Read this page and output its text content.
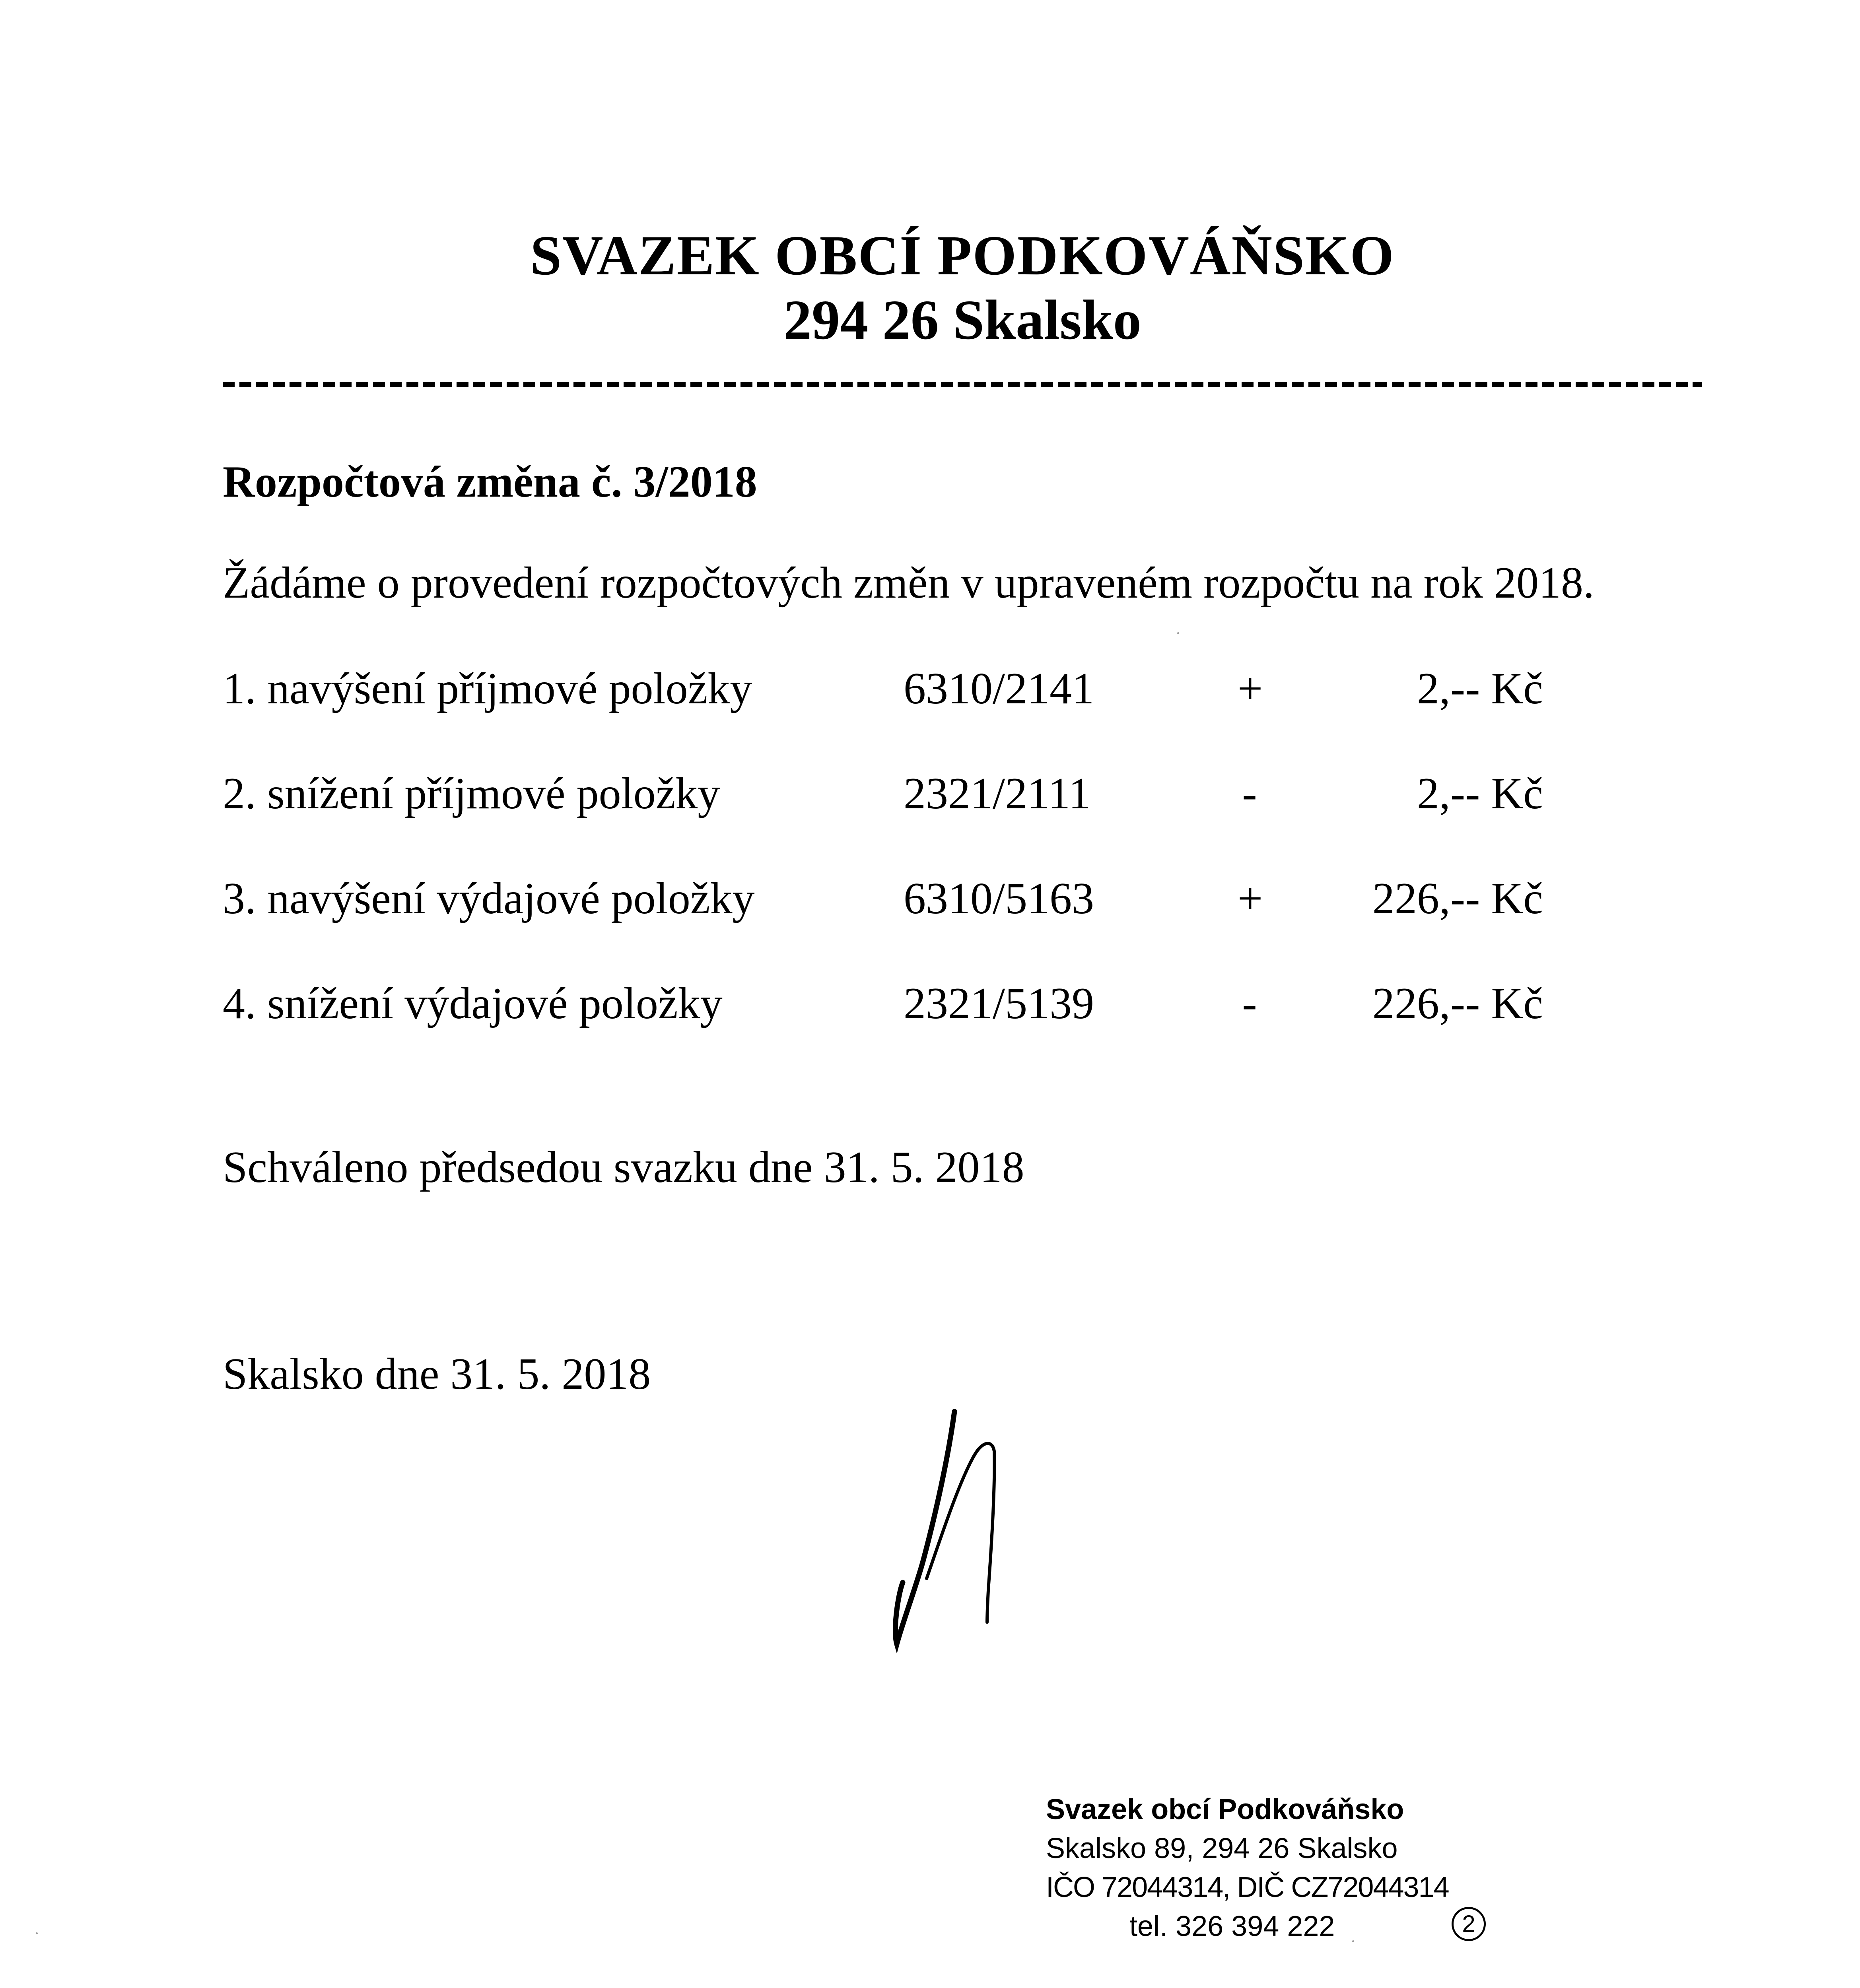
SVAZEK OBCÍ PODKOVÁŇSKO
294 26 Skalsko
Rozpočtová změna č. 3/2018
Žádáme o provedení rozpočtových změn v upraveném rozpočtu na rok 2018.
1. navýšení příjmové položky	6310/2141	+	2,-- Kč
2. snížení příjmové položky	2321/2111	-	2,-- Kč
3. navýšení výdajové položky	6310/5163	+ 226,-- Kč
4. snížení výdajové položky	2321/5139	-	226,-- Kč
Schváleno předsedou svazku dne 31. 5. 2018
Skalsko dne 31. 5. 2018
Svazek obcí Podkováňsko
Skalsko 89, 294 26 Skalsko
IČO 72044314, DIČ CZ72044314
tel. 326 394 222	2
